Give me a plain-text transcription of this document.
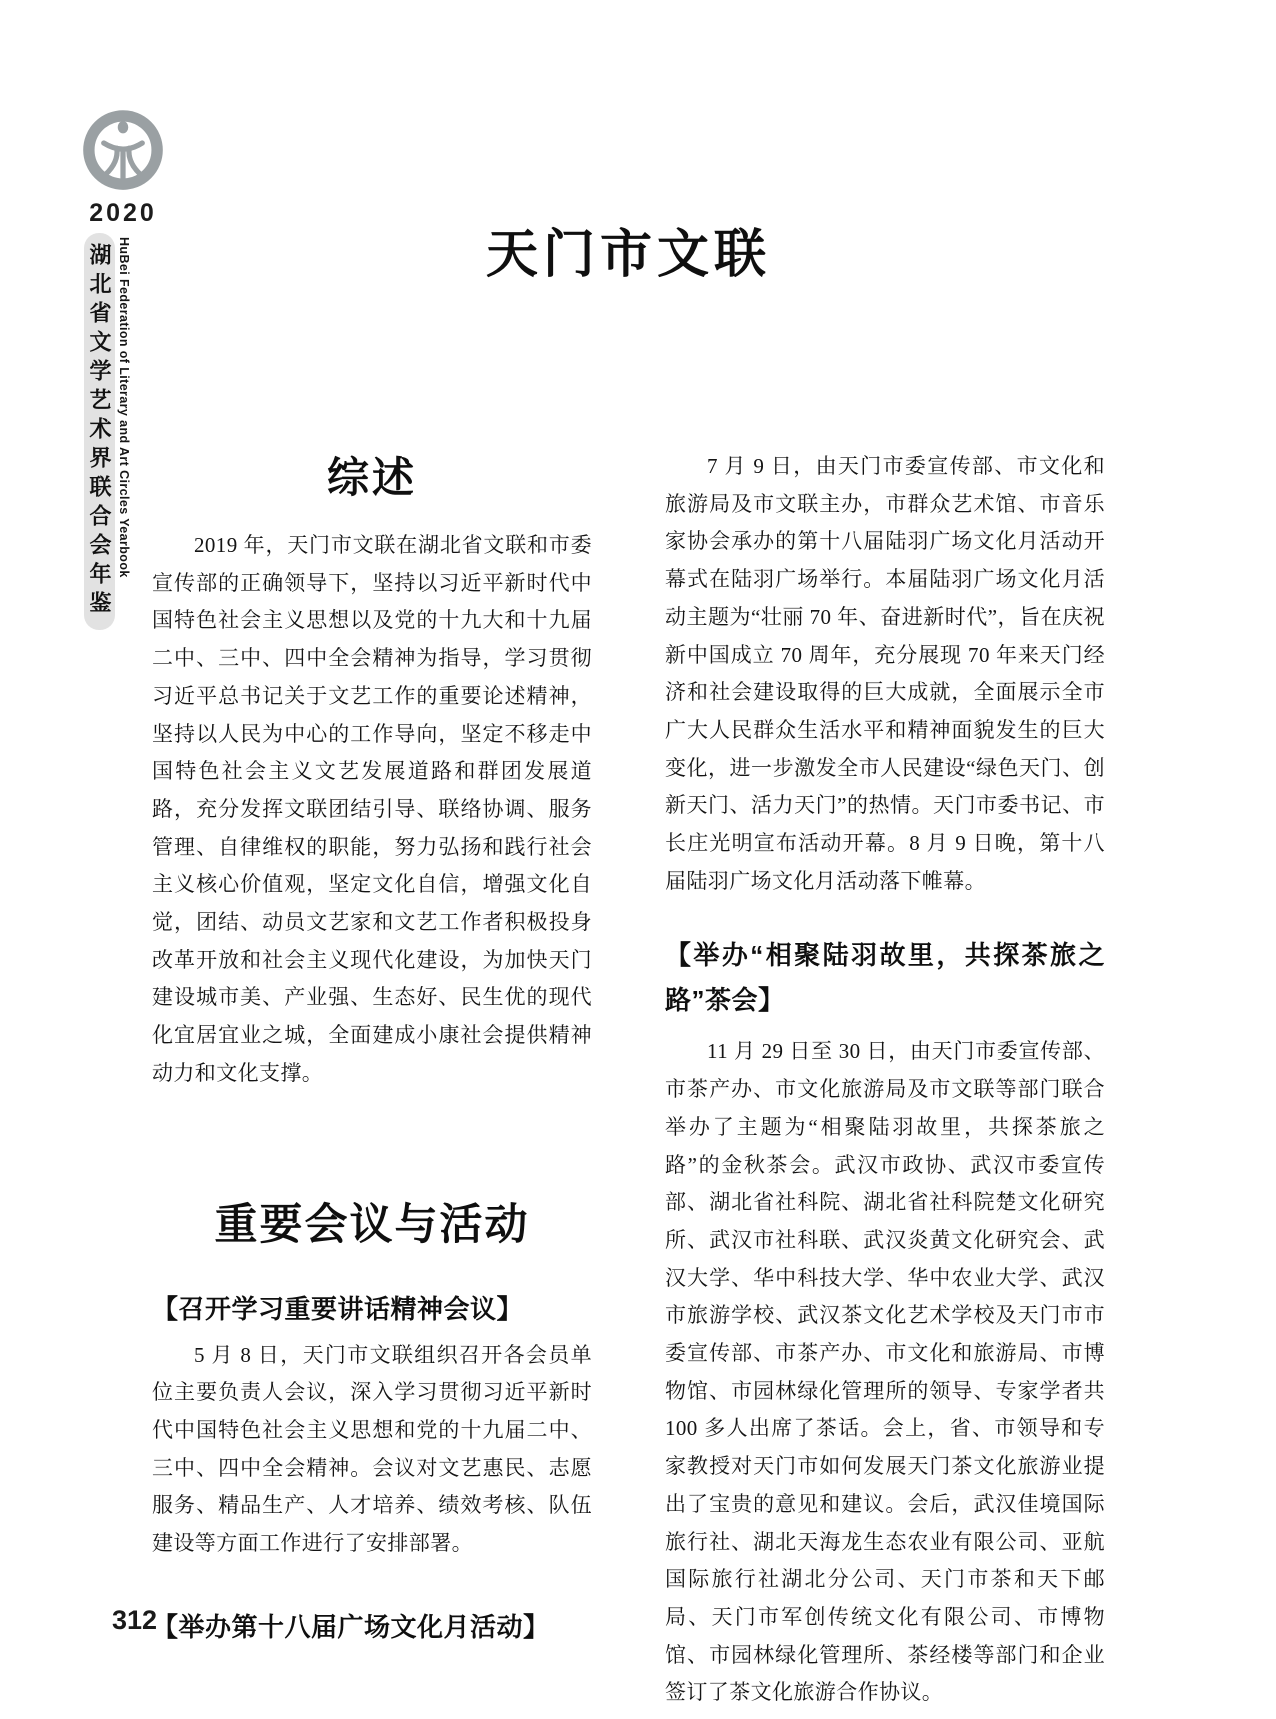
2020
湖北省文学艺术界联合会年鉴 HuBei Federation of Literary and Art Circles Yearbook	天门市文联
综述

2019 年，天门市文联在湖北省文联和市委宣传部的正确领导下，坚持以习近平新时代中国特色社会主义思想以及党的十九大和十九届二中、三中、四中全会精神为指导，学习贯彻习近平总书记关于文艺工作的重要论述精神，坚持以人民为中心的工作导向，坚定不移走中国特色社会主义文艺发展道路和群团发展道路，充分发挥文联团结引导、联络协调、服务管理、自律维权的职能，努力弘扬和践行社会主义核心价值观，坚定文化自信，增强文化自觉，团结、动员文艺家和文艺工作者积极投身改革开放和社会主义现代化建设，为加快天门建设城市美、产业强、生态好、民生优的现代化宜居宜业之城，全面建成小康社会提供精神动力和文化支撑。

重要会议与活动
【召开学习重要讲话精神会议】

5 月 8 日，天门市文联组织召开各会员单位主要负责人会议，深入学习贯彻习近平新时代中国特色社会主义思想和党的十九届二中、三中、四中全会精神。会议对文艺惠民、志愿服务、精品生产、人才培养、绩效考核、队伍建设等方面工作进行了安排部署。

【举办第十八届广场文化月活动】

7 月 9 日，由天门市委宣传部、市文化和旅游局及市文联主办，市群众艺术馆、市音乐家协会承办的第十八届陆羽广场文化月活动开幕式在陆羽广场举行。本届陆羽广场文化月活动主题为“壮丽 70 年、奋进新时代”，旨在庆祝新中国成立 70 周年，充分展现 70 年来天门经济和社会建设取得的巨大成就，全面展示全市广大人民群众生活水平和精神面貌发生的巨大变化，进一步激发全市人民建设“绿色天门、创新天门、活力天门”的热情。天门市委书记、市长庄光明宣布活动开幕。8 月 9 日晚，第十八届陆羽广场文化月活动落下帷幕。

【举办“相聚陆羽故里，共探茶旅之路”茶会】

11 月 29 日至 30 日，由天门市委宣传部、市茶产办、市文化旅游局及市文联等部门联合举办了主题为“相聚陆羽故里，共探茶旅之路”的金秋茶会。武汉市政协、武汉市委宣传部、湖北省社科院、湖北省社科院楚文化研究所、武汉市社科联、武汉炎黄文化研究会、武汉大学、华中科技大学、华中农业大学、武汉市旅游学校、武汉茶文化艺术学校及天门市市委宣传部、市茶产办、市文化和旅游局、市博物馆、市园林绿化管理所的领导、专家学者共 100 多人出席了茶话。会上，省、市领导和专家教授对天门市如何发展天门茶文化旅游业提出了宝贵的意见和建议。会后，武汉佳境国际旅行社、湖北天海龙生态农业有限公司、亚航国际旅行社湖北分公司、天门市茶和天下邮局、天门市军创传统文化有限公司、市博物馆、市园林绿化管理所、茶经楼等部门和企业签订了茶文化旅游合作协议。

312
